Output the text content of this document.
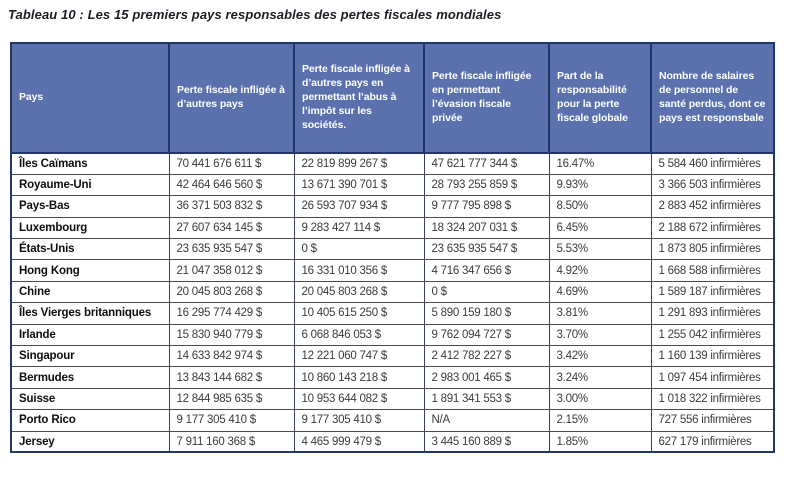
Tableau 10 : Les 15 premiers pays responsables des pertes fiscales mondiales
Pays	Perte fiscale infligée à d’autres pays	Perte fiscale infligée à d’autres pays en permettant l’abus à l’impôt sur les sociétés.	Perte fiscale infligée en permettant l’évasion fiscale privée	Part de la responsabilité pour la perte fiscale globale	Nombre de salaires de personnel de santé perdus, dont ce pays est responsbale
Îles Caïmans	70 441 676 611 $	22 819 899 267 $	47 621 777 344 $	16.47%	5 584 460 infirmières
Royaume-Uni	42 464 646 560 $	13 671 390 701 $	28 793 255 859 $	9.93%	3 366 503 infirmières
Pays-Bas	36 371 503 832 $	26 593 707 934 $	9 777 795 898 $	8.50%	2 883 452 infirmières
Luxembourg	27 607 634 145 $	9 283 427 114 $	18 324 207 031 $	6.45%	2 188 672 infirmières
États-Unis	23 635 935 547 $	0 $	23 635 935 547 $	5.53%	1 873 805 infirmières
Hong Kong	21 047 358 012 $	16 331 010 356 $	4 716 347 656 $	4.92%	1 668 588 infirmières
Chine	20 045 803 268 $	20 045 803 268 $	0 $	4.69%	1 589 187 infirmières
Îles Vierges britanniques	16 295 774 429 $	10 405 615 250 $	5 890 159 180 $	3.81%	1 291 893 infirmières
Irlande	15 830 940 779 $	6 068 846 053 $	9 762 094 727 $	3.70%	1 255 042 infirmières
Singapour	14 633 842 974 $	12 221 060 747 $	2 412 782 227 $	3.42%	1 160 139 infirmières
Bermudes	13 843 144 682 $	10 860 143 218 $	2 983 001 465 $	3.24%	1 097 454 infirmières
Suisse	12 844 985 635 $	10 953 644 082 $	1 891 341 553 $	3.00%	1 018 322 infirmières
Porto Rico	9 177 305 410 $	9 177 305 410 $	N/A	2.15%	727 556 infirmières
Jersey	7 911 160 368 $	4 465 999 479 $	3 445 160 889 $	1.85%	627 179 infirmières
